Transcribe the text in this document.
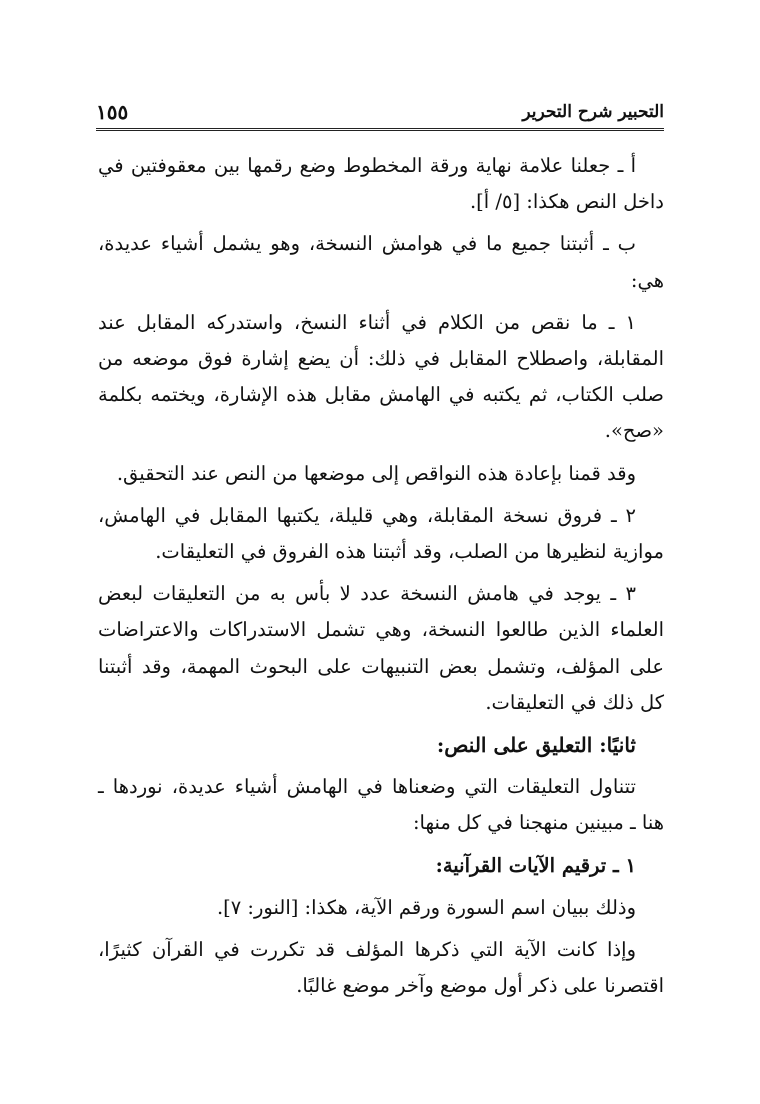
التحبير شرح التحرير
١٥٥

أ ـ جعلنا علامة نهاية ورقة المخطوط وضع رقمها بين معقوفتين في داخل النص هكذا: [٥/ أ].

ب ـ أثبتنا جميع ما في هوامش النسخة، وهو يشمل أشياء عديدة، هي:

١ ـ ما نقص من الكلام في أثناء النسخ، واستدركه المقابل عند المقابلة، واصطلاح المقابل في ذلك: أن يضع إشارة فوق موضعه من صلب الكتاب، ثم يكتبه في الهامش مقابل هذه الإشارة، ويختمه بكلمة «صح».

وقد قمنا بإعادة هذه النواقص إلى موضعها من النص عند التحقيق.

٢ ـ فروق نسخة المقابلة، وهي قليلة، يكتبها المقابل في الهامش، موازية لنظيرها من الصلب، وقد أثبتنا هذه الفروق في التعليقات.

٣ ـ يوجد في هامش النسخة عدد لا بأس به من التعليقات لبعض العلماء الذين طالعوا النسخة، وهي تشمل الاستدراكات والاعتراضات على المؤلف، وتشمل بعض التنبيهات على البحوث المهمة، وقد أثبتنا كل ذلك في التعليقات.

ثانيًا: التعليق على النص:

تتناول التعليقات التي وضعناها في الهامش أشياء عديدة، نوردها ـ هنا ـ مبينين منهجنا في كل منها:

١ ـ ترقيم الآيات القرآنية:

وذلك ببيان اسم السورة ورقم الآية، هكذا: [النور: ٧].

وإذا كانت الآية التي ذكرها المؤلف قد تكررت في القرآن كثيرًا، اقتصرنا على ذكر أول موضع وآخر موضع غالبًا.
